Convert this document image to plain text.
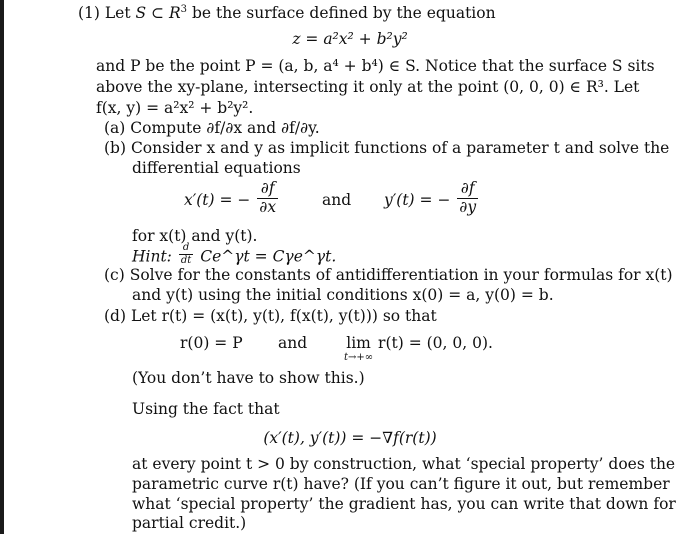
(1) Let S ⊂ $R^3$ be the surface defined by the equation
z = a²x² + b²y²
and P be the point P = (a, b, a⁴ + b⁴) ∈ S. Notice that the surface S sits
above the xy-plane, intersecting it only at the point (0, 0, 0) ∈ R³. Let
f(x, y) = a²x² + b²y².
(a) Compute ∂f/∂x and ∂f/∂y.
(b) Consider x and y as implicit functions of a parameter t and solve the
differential equations
x′(t) = − $\frac{\partial f}{\partial x}$	and y′(t) = − $\frac{\partial f}{\partial y}$
for x(t) and y(t).
Hint: $\frac{d}{dt}$ Ce^γt = Cγe^γt.
(c) Solve for the constants of antidifferentiation in your formulas for x(t)
and y(t) using the initial conditions x(0) = a, y(0) = b.
(d) Let r(t) = (x(t), y(t), f(x(t), y(t))) so that
r(0) = P and	lim
t→+∞
r(t) = (0, 0, 0).
(You don’t have to show this.)
Using the fact that
(x′(t), y′(t)) = −∇f(r(t))
at every point t > 0 by construction, what ‘special property’ does the
parametric curve r(t) have? (If you can’t figure it out, but remember
what ‘special property’ the gradient has, you can write that down for
partial credit.)
